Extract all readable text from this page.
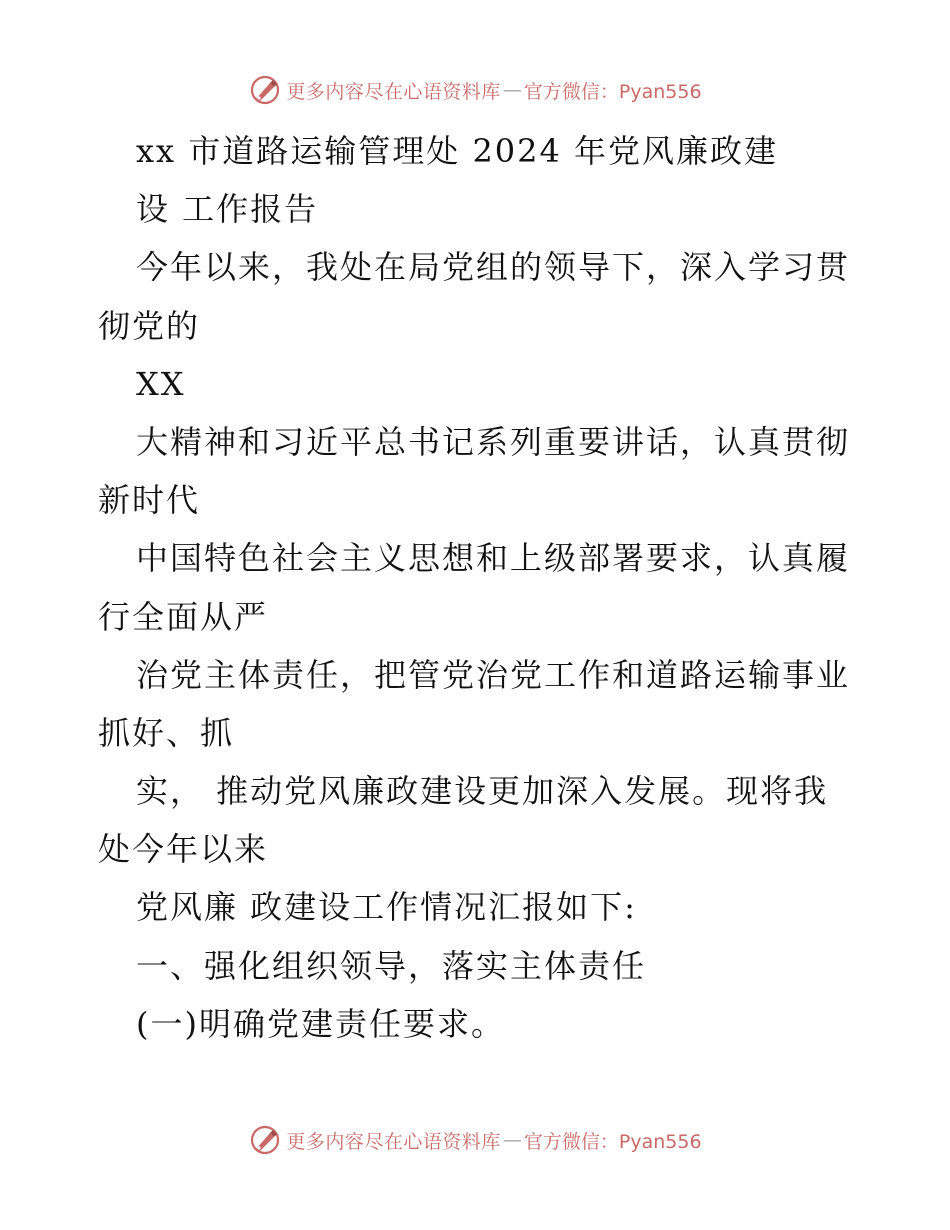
更多内容尽在心语资料库 — 官方微信：Pyan556
xx 市道路运输管理处 2024 年党风廉政建
设 工作报告
今年以来，我处在局党组的领导下，深入学习贯
彻党的
XX
大精神和习近平总书记系列重要讲话，认真贯彻
新时代
中国特色社会主义思想和上级部署要求，认真履
行全面从严
治党主体责任，把管党治党工作和道路运输事业
抓好、抓
实， 推动党风廉政建设更加深入发展。现将我
处今年以来
党风廉 政建设工作情况汇报如下:
一、强化组织领导，落实主体责任
(一)明确党建责任要求。
更多内容尽在心语资料库 — 官方微信：Pyan556
